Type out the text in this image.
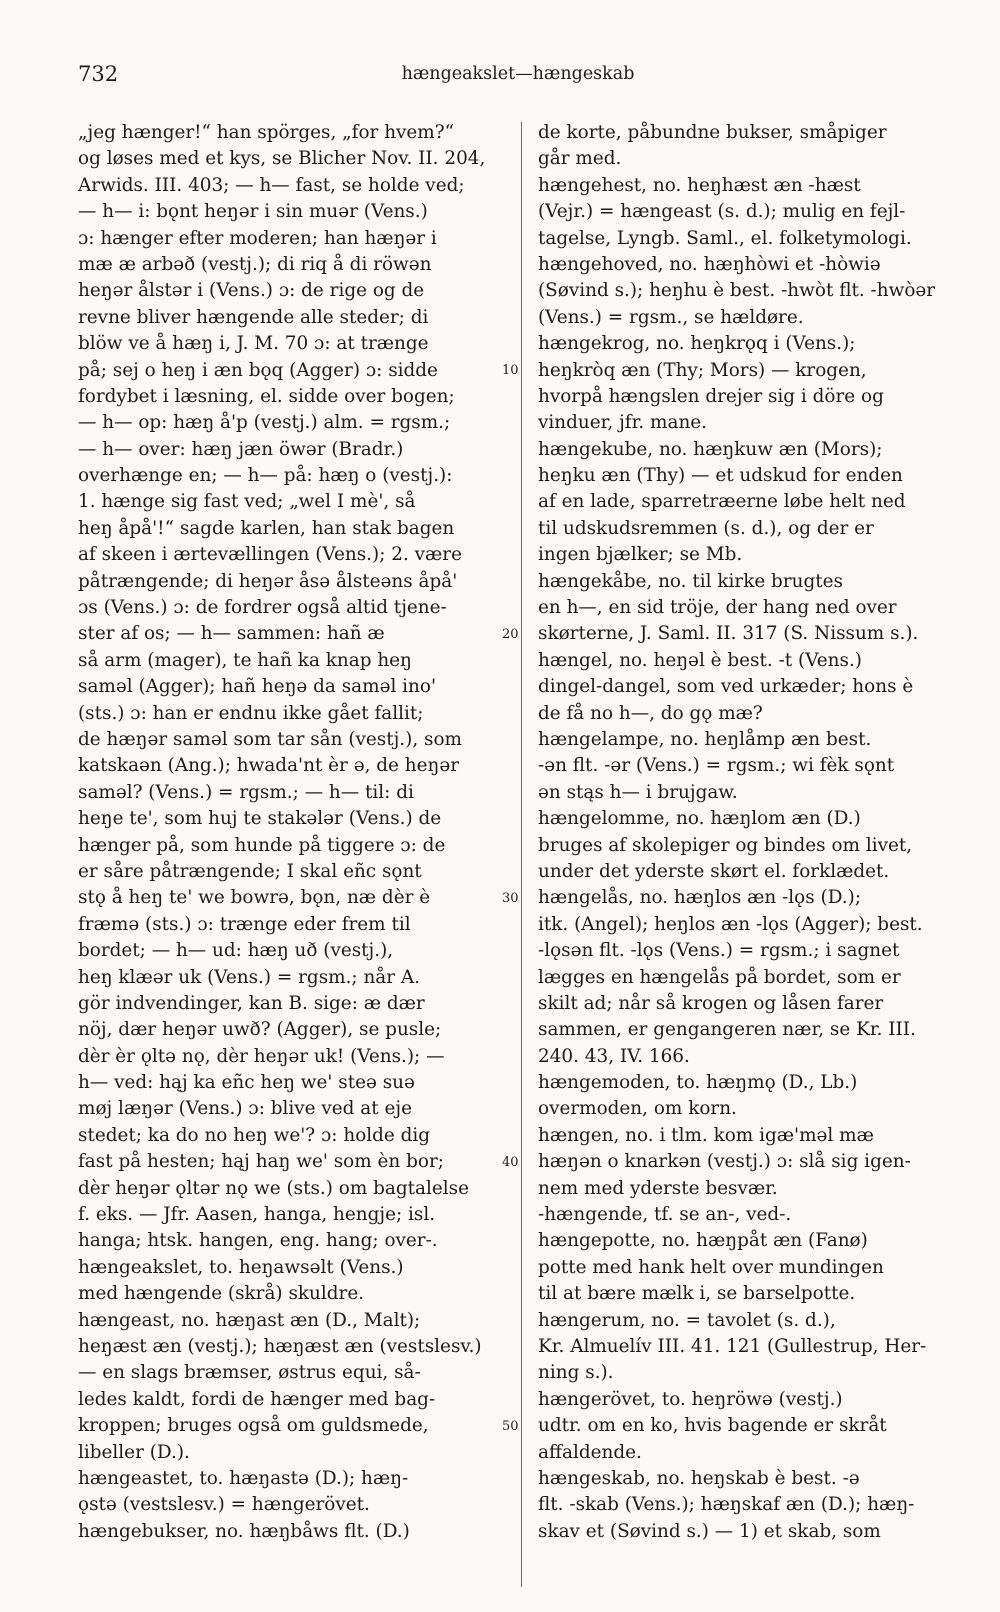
732	hængeakslet—hængeskab
„jeg hænger!“ han spörges, „for hvem?“
og løses med et kys, se Blicher Nov. II. 204,
Arwids. III. 403; — h— fast, se holde ved;
— h— i: bǫnt heŋər i sin muər (Vens.)
ɔ: hænger efter moderen; han hæŋər i
mæ æ arbəð (vestj.); di riq å di röwən
heŋər ålstər i (Vens.) ɔ: de rige og de
revne bliver hængende alle steder; di
blöw ve å hæŋ i, J. M. 70 ɔ: at trænge
på; sej o heŋ i æn bǫq (Agger) ɔ: sidde
fordybet i læsning, el. sidde over bogen;
— h— op: hæŋ å'p (vestj.) alm. = rgsm.;
— h— over: hæŋ jæn öwər (Bradr.)
overhænge en; — h— på: hæŋ o (vestj.):
1. hænge sig fast ved; „wel I mè', så
heŋ åpå'!“ sagde karlen, han stak bagen
af skeen i ærtevællingen (Vens.); 2. være
påtrængende; di heŋər åsə ålsteəns åpå'
ɔs (Vens.) ɔ: de fordrer også altid tjene-
ster af os; — h— sammen: hañ æ
så arm (mager), te hañ ka knap heŋ
saməl (Agger); hañ heŋə da saməl ino'
(sts.) ɔ: han er endnu ikke gået fallit;
de hæŋər saməl som tar sån (vestj.), som
katskaən (Ang.); hwada'nt èr ə, de heŋər
saməl? (Vens.) = rgsm.; — h— til: di
heŋe te', som huj te stakələr (Vens.) de
hænger på, som hunde på tiggere ɔ: de
er såre påtrængende; I skal eñc sǫnt
stǫ å heŋ te' we bowrə, bǫn, næ dèr è
fræmə (sts.) ɔ: trænge eder frem til
bordet; — h— ud: hæŋ uð (vestj.),
heŋ klæər uk (Vens.) = rgsm.; når A.
gör indvendinger, kan B. sige: æ dær
nöj, dær heŋər uwð? (Agger), se pusle;
dèr èr ǫltə nǫ, dèr heŋər uk! (Vens.); —
h— ved: hąj ka eñc heŋ we' steə suə
møj læŋər (Vens.) ɔ: blive ved at eje
stedet; ka do no heŋ we'? ɔ: holde dig
fast på hesten; hąj haŋ we' som èn bor;
dèr heŋər ǫltər nǫ we (sts.) om bagtalelse
f. eks. — Jfr. Aasen, hanga, hengje; isl.
hanga; htsk. hangen, eng. hang; over-.
hængeakslet, to. heŋawsəlt (Vens.)
med hængende (skrå) skuldre.
hængeast, no. hæŋast æn (D., Malt);
heŋæst æn (vestj.); hæŋæst æn (vestslesv.)
— en slags bræmser, østrus equi, så-
ledes kaldt, fordi de hænger med bag-
kroppen; bruges også om guldsmede,
libeller (D.).
hængeastet, to. hæŋastə (D.); hæŋ-
ǫstə (vestslesv.) = hængerövet.
hængebukser, no. hæŋbåws flt. (D.)
10
20
30
40
50
de korte, påbundne bukser, småpiger
går med.
hængehest, no. heŋhæst æn -hæst
(Vejr.) = hængeast (s. d.); mulig en fejl-
tagelse, Lyngb. Saml., el. folketymologi.
hængehoved, no. hæŋhòwi et -hòwiə
(Søvind s.); heŋhu è best. -hwòt flt. -hwòər
(Vens.) = rgsm., se hældøre.
hængekrog, no. heŋkrǫq i (Vens.);
heŋkròq æn (Thy; Mors) — krogen,
hvorpå hængslen drejer sig i döre og
vinduer, jfr. mane.
hængekube, no. hæŋkuw æn (Mors);
heŋku æn (Thy) — et udskud for enden
af en lade, sparretræerne løbe helt ned
til udskudsremmen (s. d.), og der er
ingen bjælker; se Mb.
hængekåbe, no. til kirke brugtes
en h—, en sid tröje, der hang ned over
skørterne, J. Saml. II. 317 (S. Nissum s.).
hængel, no. heŋəl è best. -t (Vens.)
dingel-dangel, som ved urkæder; hons è
de få no h—, do gǫ mæ?
hængelampe, no. heŋlåmp æn best.
-ən flt. -ər (Vens.) = rgsm.; wi fèk sǫnt
ən stąs h— i brujgaw.
hængelomme, no. hæŋlom æn (D.)
bruges af skolepiger og bindes om livet,
under det yderste skørt el. forklædet.
hængelås, no. hæŋlos æn -lǫs (D.);
itk. (Angel); heŋlos æn -lǫs (Agger); best.
-lǫsən flt. -lǫs (Vens.) = rgsm.; i sagnet
lægges en hængelås på bordet, som er
skilt ad; når så krogen og låsen farer
sammen, er gengangeren nær, se Kr. III.
240. 43, IV. 166.
hængemoden, to. hæŋmǫ (D., Lb.)
overmoden, om korn.
hængen, no. i tlm. kom igæ'məl mæ
hæŋən o knarkən (vestj.) ɔ: slå sig igen-
nem med yderste besvær.
-hængende, tf. se an-, ved-.
hængepotte, no. hæŋpåt æn (Fanø)
potte med hank helt over mundingen
til at bære mælk i, se barselpotte.
hængerum, no. = tavolet (s. d.),
Kr. Almuelív III. 41. 121 (Gullestrup, Her-
ning s.).
hængerövet, to. heŋröwə (vestj.)
udtr. om en ko, hvis bagende er skråt
affaldende.
hængeskab, no. heŋskab è best. -ə
flt. -skab (Vens.); hæŋskaf æn (D.); hæŋ-
skav et (Søvind s.) — 1) et skab, som
